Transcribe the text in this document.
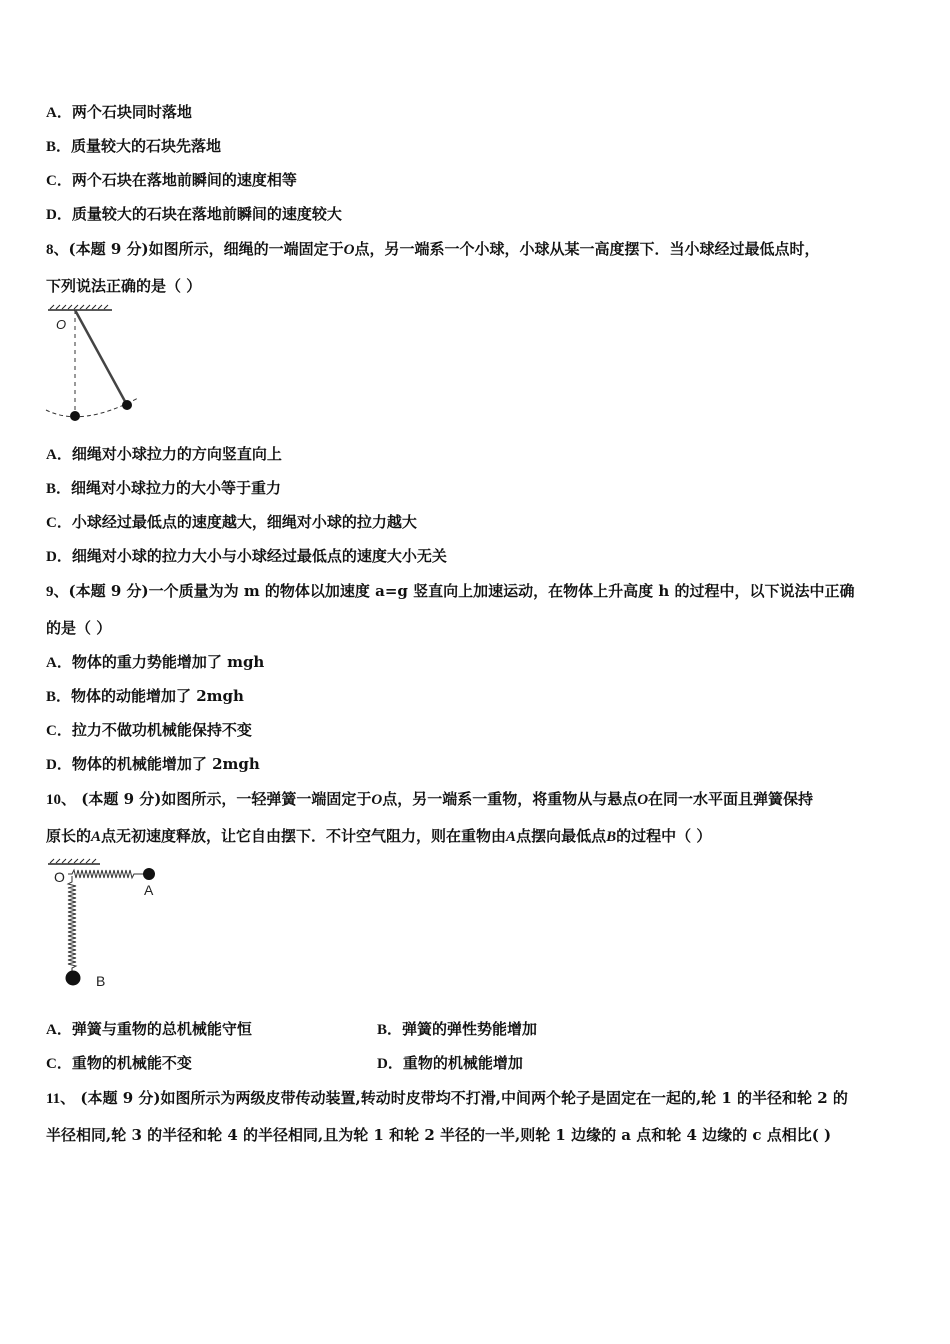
A．两个石块同时落地
B．质量较大的石块先落地
C．两个石块在落地前瞬间的速度相等
D．质量较大的石块在落地前瞬间的速度较大
8、(本题 9 分)如图所示，细绳的一端固定于O点，另一端系一个小球，小球从某一高度摆下．当小球经过最低点时，
下列说法正确的是（ ）
O
A．细绳对小球拉力的方向竖直向上
B．细绳对小球拉力的大小等于重力
C．小球经过最低点的速度越大，细绳对小球的拉力越大
D．细绳对小球的拉力大小与小球经过最低点的速度大小无关
9、(本题 9 分)一个质量为为 m 的物体以加速度 a=g 竖直向上加速运动，在物体上升高度 h 的过程中，以下说法中正确
的是（ ）
A．物体的重力势能增加了 mgh
B．物体的动能增加了 2mgh
C．拉力不做功机械能保持不变
D．物体的机械能增加了 2mgh
10、 (本题 9 分)如图所示，一轻弹簧一端固定于O点，另一端系一重物，将重物从与悬点O在同一水平面且弹簧保持
原长的A点无初速度释放，让它自由摆下．不计空气阻力，则在重物由A点摆向最低点B的过程中（ ）
O
A
B
A．弹簧与重物的总机械能守恒	B．弹簧的弹性势能增加
C．重物的机械能不变	D．重物的机械能增加
11、 (本题 9 分)如图所示为两级皮带传动装置,转动时皮带均不打滑,中间两个轮子是固定在一起的,轮 1 的半径和轮 2 的
半径相同,轮 3 的半径和轮 4 的半径相同,且为轮 1 和轮 2 半径的一半,则轮 1 边缘的 a 点和轮 4 边缘的 c 点相比( )
